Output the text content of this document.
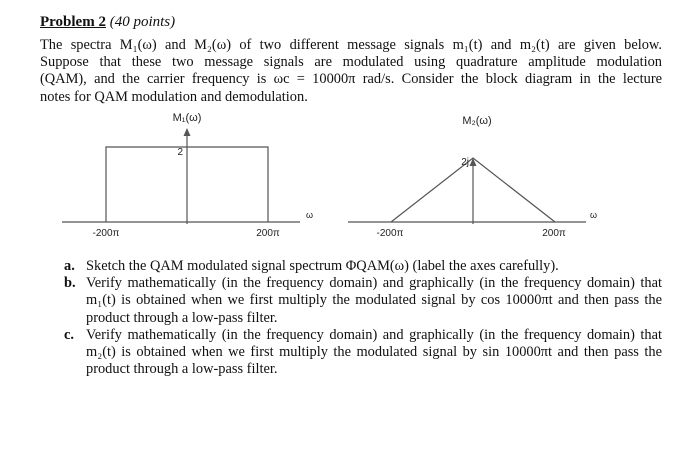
Problem 2 (40 points)
The spectra M₁(ω) and M₂(ω) of two different message signals m₁(t) and m₂(t) are given below.
Suppose that these two message signals are modulated using quadrature amplitude modulation
(QAM), and the carrier frequency is ωc = 10000π rad/s. Consider the block diagram in the lecture
notes for QAM modulation and demodulation.
M₁(ω)
2
-200π	200π
ω
M₂(ω)
2j
-200π	200π
ω
a. Sketch the QAM modulated signal spectrum ΦQAM(ω) (label the axes carefully).
b. Verify mathematically (in the frequency domain) and graphically (in the frequency domain) that m₁(t) is obtained when we first multiply the modulated signal by cos 10000πt and then pass the product through a low-pass filter.
c. Verify mathematically (in the frequency domain) and graphically (in the frequency domain) that m₂(t) is obtained when we first multiply the modulated signal by sin 10000πt and then pass the product through a low-pass filter.
